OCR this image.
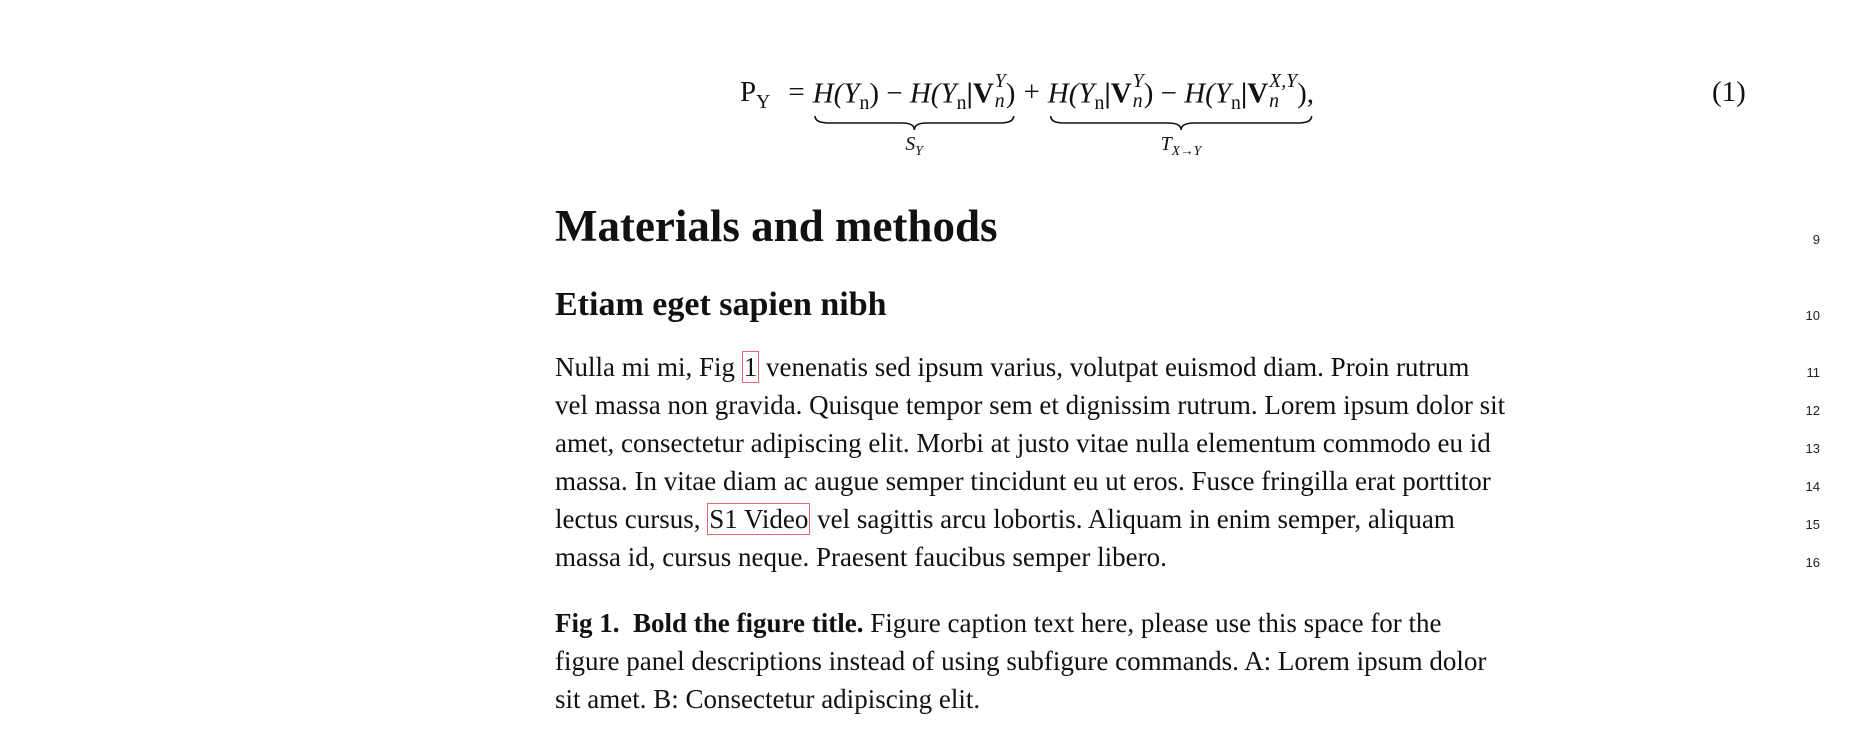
$P_Y = H(Y_n) - H(Y_n|V$ Y
n )
$S_Y$
+ $H(Y_n|V$ Y
n ) − $H(Y_n|V$ X,Y
n ),
$T_{X\to Y}$
(1)
Materials and methods	9
Etiam eget sapien nibh	10
Nulla mi mi, Fig 1 venenatis sed ipsum varius, volutpat euismod diam. Proin rutrum
vel massa non gravida. Quisque tempor sem et dignissim rutrum. Lorem ipsum dolor sit
amet, consectetur adipiscing elit. Morbi at justo vitae nulla elementum commodo eu id
massa. In vitae diam ac augue semper tincidunt eu ut eros. Fusce fringilla erat porttitor
lectus cursus, S1 Video vel sagittis arcu lobortis. Aliquam in enim semper, aliquam
massa id, cursus neque. Praesent faucibus semper libero.
11
12
13
14
15
16
Fig 1. Bold the figure title. Figure caption text here, please use this space for the
figure panel descriptions instead of using subfigure commands. A: Lorem ipsum dolor
sit amet. B: Consectetur adipiscing elit.
